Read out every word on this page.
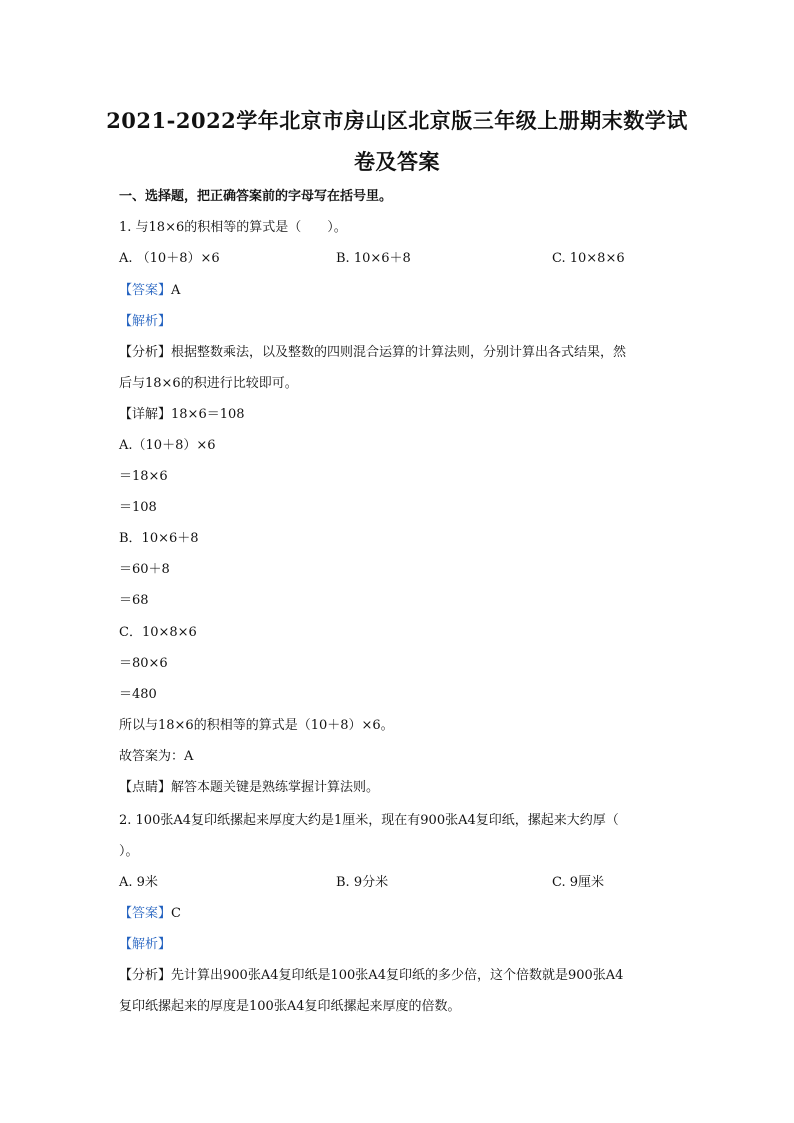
2021-2022学年北京市房山区北京版三年级上册期末数学试
卷及答案
一、选择题，把正确答案前的字母写在括号里。
1. 与18×6的积相等的算式是（　　）。
A. （10＋8）×6	B. 10×6＋8	C. 10×8×6
【答案】A
【解析】
【分析】根据整数乘法，以及整数的四则混合运算的计算法则，分别计算出各式结果，然
后与18×6的积进行比较即可。
【详解】18×6＝108
A.（10＋8）×6
＝18×6
＝108
B．10×6＋8
＝60＋8
＝68
C．10×8×6
＝80×6
＝480
所以与18×6的积相等的算式是（10＋8）×6。
故答案为：A
【点睛】解答本题关键是熟练掌握计算法则。
2. 100张A4复印纸摞起来厚度大约是1厘米，现在有900张A4复印纸，摞起来大约厚（
）。
A. 9米	B. 9分米	C. 9厘米
【答案】C
【解析】
【分析】先计算出900张A4复印纸是100张A4复印纸的多少倍，这个倍数就是900张A4
复印纸摞起来的厚度是100张A4复印纸摞起来厚度的倍数。
